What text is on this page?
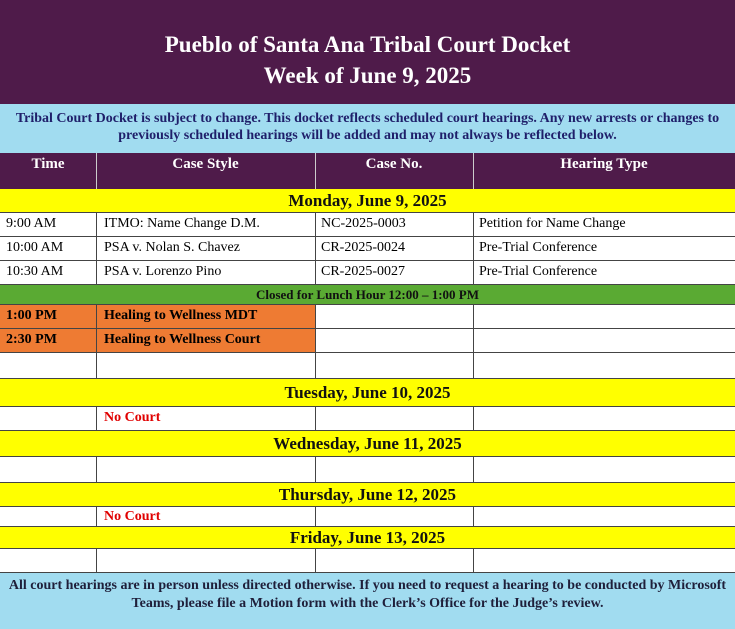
Pueblo of Santa Ana Tribal Court Docket
Week of June 9, 2025
Tribal Court Docket is subject to change. This docket reflects scheduled court hearings. Any new arrests or changes to previously scheduled hearings will be added and may not always be reflected below.
Time	Case Style	Case No.	Hearing Type
Monday, June 9, 2025
9:00 AM	ITMO: Name Change D.M.	NC-2025-0003	Petition for Name Change
10:00 AM	PSA v. Nolan S. Chavez	CR-2025-0024	Pre-Trial Conference
10:30 AM	PSA v. Lorenzo Pino	CR-2025-0027	Pre-Trial Conference
Closed for Lunch Hour 12:00 – 1:00 PM
1:00 PM	Healing to Wellness MDT
2:30 PM	Healing to Wellness Court
Tuesday, June 10, 2025
No Court
Wednesday, June 11, 2025
Thursday, June 12, 2025
No Court
Friday, June 13, 2025
All court hearings are in person unless directed otherwise. If you need to request a hearing to be conducted by Microsoft Teams, please file a Motion form with the Clerk’s Office for the Judge’s review.
